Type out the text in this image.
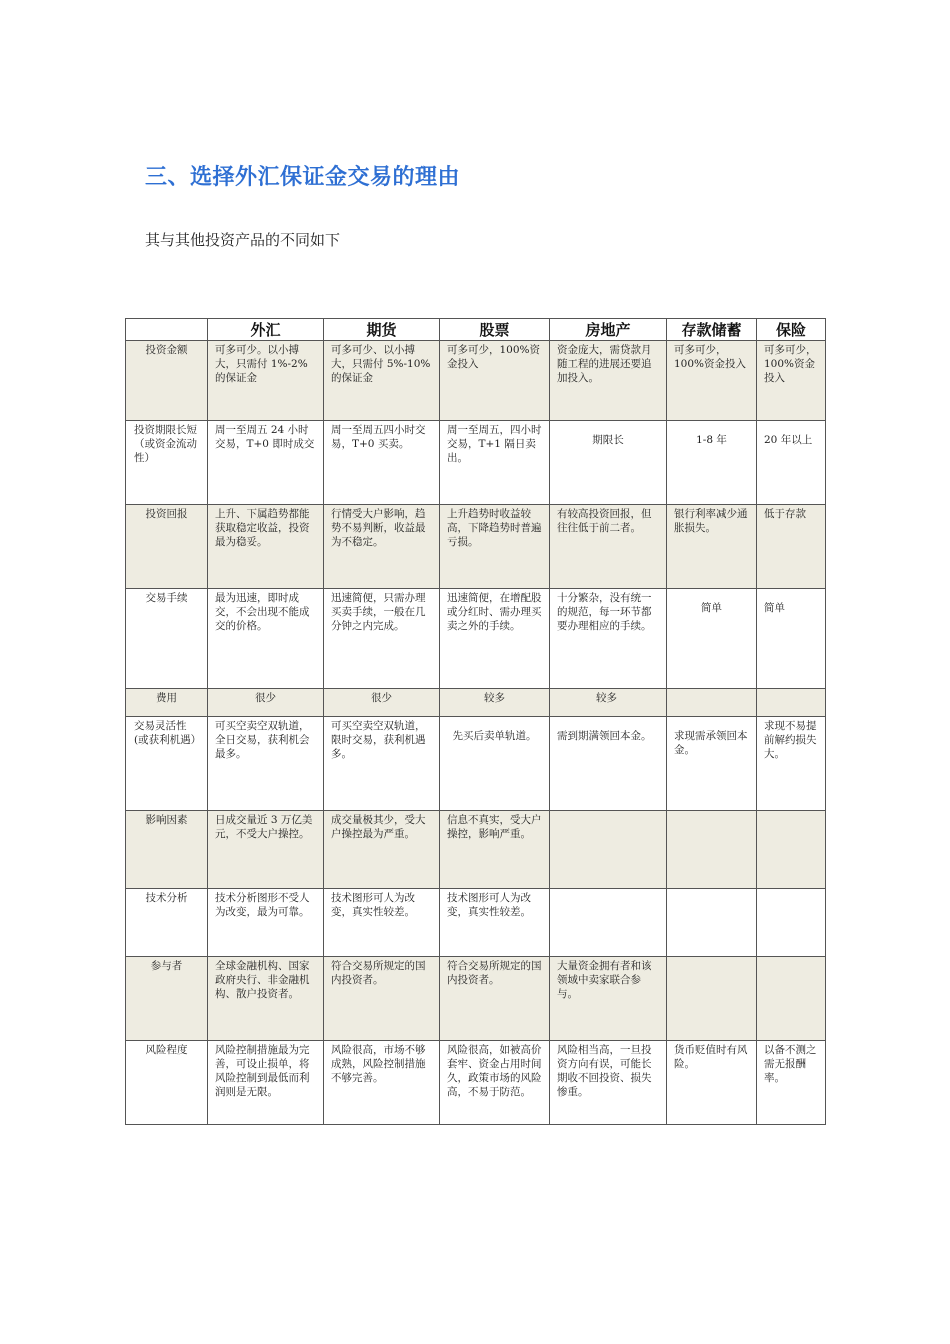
三、选择外汇保证金交易的理由
其与其他投资产品的不同如下
	外汇	期货	股票	房地产	存款储蓄	保险

投资金额	可多可少。以小搏大，只需付 1%-2%的保证金	可多可少、以小搏大，只需付 5%-10%的保证金	可多可少，100%资金投入	资金庞大，需贷款月随工程的进展还要追加投入。	可多可少，100%资金投入	可多可少，100%资金投入

投资期限长短（或资金流动性）	周一至周五 24 小时交易，T+0 即时成交	周一至周五四小时交易，T+0 买卖。	周一至周五，四小时交易，T+1 隔日卖出。	期限长	1-8 年	20 年以上

投资回报	上升、下属趋势都能获取稳定收益，投资最为稳妥。	行情受大户影响，趋势不易判断，收益最为不稳定。	上升趋势时收益较高，下降趋势时普遍亏损。	有较高投资回报，但往往低于前二者。	银行利率减少通胀损失。	低于存款

交易手续	最为迅速，即时成交，不会出现不能成交的价格。	迅速简便，只需办理买卖手续，一般在几分钟之内完成。	迅速简便，在增配股或分红时、需办理买卖之外的手续。	十分繁杂，没有统一的规范，每一环节都要办理相应的手续。	简单	简单

费用	很少	很少	较多	较多		

交易灵活性(或获利机遇）	可买空卖空双轨道，全日交易，获利机会最多。	可买空卖空双轨道，限时交易，获利机遇多。	先买后卖单轨道。	需到期满领回本金。	求现需承领回本金。	求现不易提前解约损失大。

影响因素	日成交量近 3 万亿美元，不受大户操控。	成交量极其少，受大户操控最为严重。	信息不真实，受大户操控，影响严重。			

技术分析	技术分析图形不受人为改变，最为可靠。	技术图形可人为改变，真实性较差。	技术图形可人为改变，真实性较差。			

参与者	全球金融机构、国家政府央行、非金融机构、散户投资者。	符合交易所规定的国内投资者。	符合交易所规定的国内投资者。	大量资金拥有者和该领域中卖家联合参与。		

风险程度	风险控制措施最为完善，可设止损单，将风险控制到最低而利润则是无限。	风险很高，市场不够成熟，风险控制措施不够完善。	风险很高，如被高价套牢、资金占用时间久，政策市场的风险高，不易于防范。	风险相当高，一旦投资方向有误，可能长期收不回投资、损失惨重。	货币贬值时有风险。	以备不测之需无报酬率。
